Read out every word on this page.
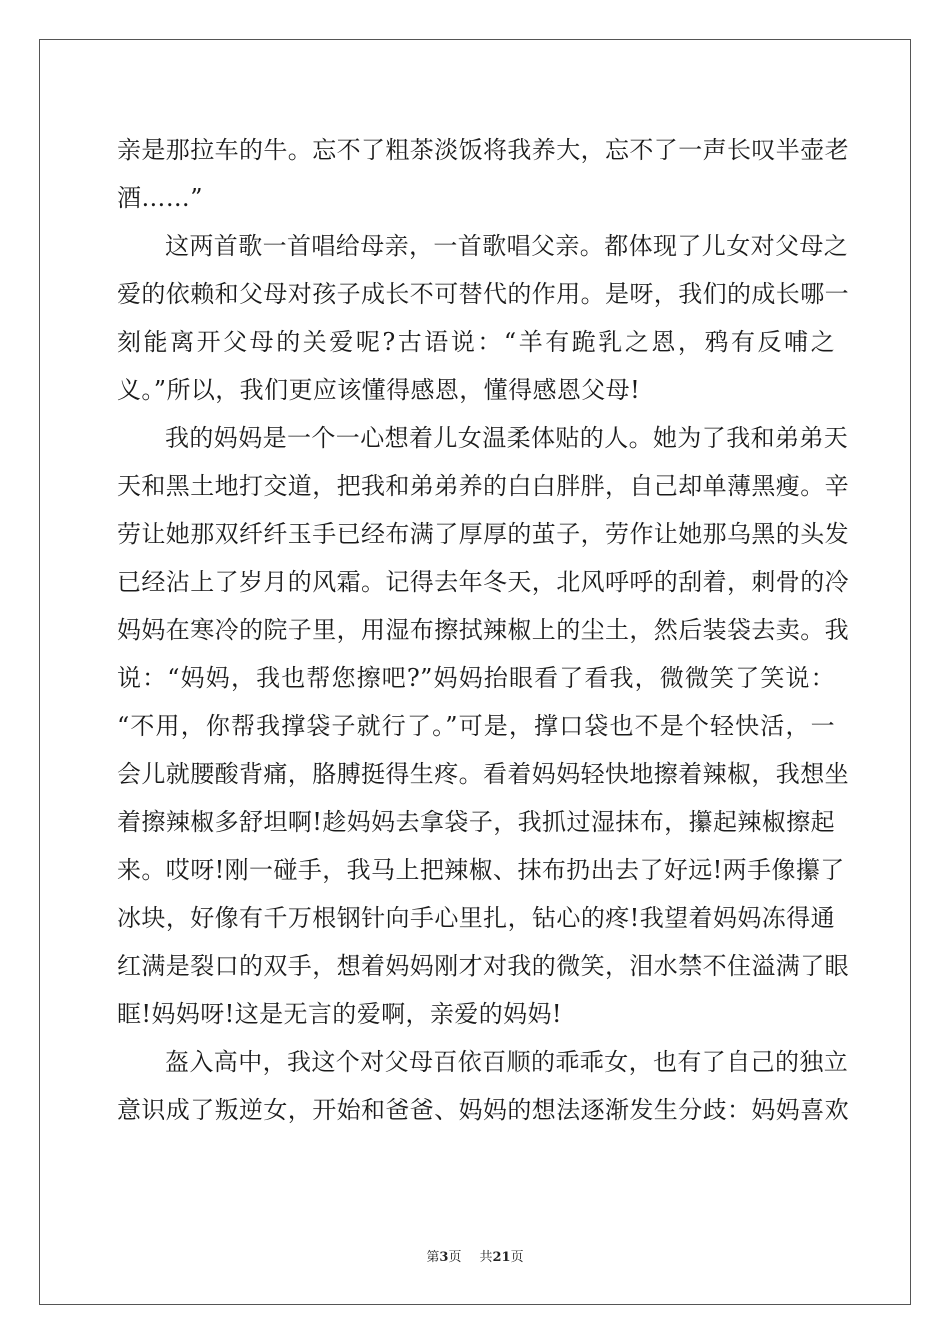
亲是那拉车的牛。忘不了粗茶淡饭将我养大，忘不了一声长叹半壶老
酒……”
这两首歌一首唱给母亲，一首歌唱父亲。都体现了儿女对父母之
爱的依赖和父母对孩子成长不可替代的作用。是呀，我们的成长哪一
刻能离开父母的关爱呢?古语说：“羊有跪乳之恩，鸦有反哺之
义。”所以，我们更应该懂得感恩，懂得感恩父母!
我的妈妈是一个一心想着儿女温柔体贴的人。她为了我和弟弟天
天和黑土地打交道，把我和弟弟养的白白胖胖，自己却单薄黑瘦。辛
劳让她那双纤纤玉手已经布满了厚厚的茧子，劳作让她那乌黑的头发
已经沾上了岁月的风霜。记得去年冬天，北风呼呼的刮着，刺骨的冷
妈妈在寒冷的院子里，用湿布擦拭辣椒上的尘土，然后装袋去卖。我
说：“妈妈，我也帮您擦吧?”妈妈抬眼看了看我，微微笑了笑说：
“不用，你帮我撑袋子就行了。”可是，撑口袋也不是个轻快活，一
会儿就腰酸背痛，胳膊挺得生疼。看着妈妈轻快地擦着辣椒，我想坐
着擦辣椒多舒坦啊!趁妈妈去拿袋子，我抓过湿抹布，攥起辣椒擦起
来。哎呀!刚一碰手，我马上把辣椒、抹布扔出去了好远!两手像攥了
冰块，好像有千万根钢针向手心里扎，钻心的疼!我望着妈妈冻得通
红满是裂口的双手，想着妈妈刚才对我的微笑，泪水禁不住溢满了眼
眶!妈妈呀!这是无言的爱啊，亲爱的妈妈!
盔入高中，我这个对父母百依百顺的乖乖女，也有了自己的独立
意识成了叛逆女，开始和爸爸、妈妈的想法逐渐发生分歧：妈妈喜欢
第3页 共21页
